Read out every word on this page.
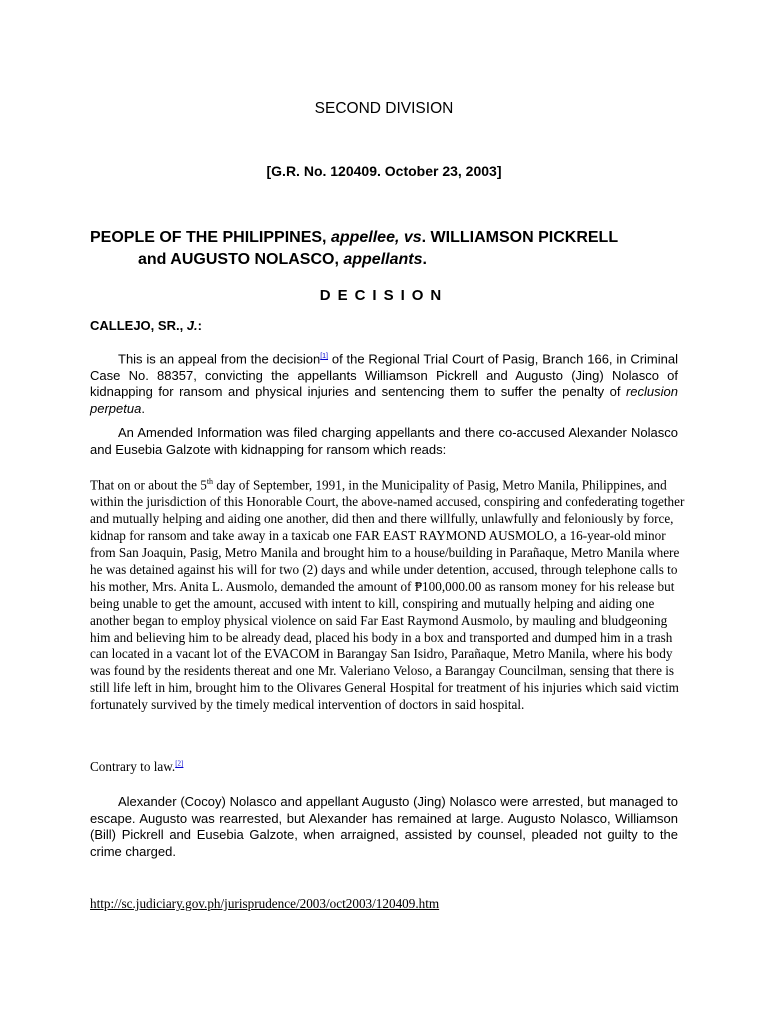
SECOND DIVISION
[G.R. No. 120409. October 23, 2003]
PEOPLE OF THE PHILIPPINES, appellee, vs. WILLIAMSON PICKRELL
and AUGUSTO NOLASCO, appellants.
DECISION
CALLEJO, SR., J.:
This is an appeal from the decision[1] of the Regional Trial Court of Pasig, Branch 166, in Criminal Case No. 88357, convicting the appellants Williamson Pickrell and Augusto (Jing) Nolasco of kidnapping for ransom and physical injuries and sentencing them to suffer the penalty of reclusion perpetua.
An Amended Information was filed charging appellants and there co-accused Alexander Nolasco and Eusebia Galzote with kidnapping for ransom which reads:
That on or about the 5th day of September, 1991, in the Municipality of Pasig, Metro Manila, Philippines, and within the jurisdiction of this Honorable Court, the above-named accused, conspiring and confederating together and mutually helping and aiding one another, did then and there willfully, unlawfully and feloniously by force, kidnap for ransom and take away in a taxicab one FAR EAST RAYMOND AUSMOLO, a 16-year-old minor from San Joaquin, Pasig, Metro Manila and brought him to a house/building in Parañaque, Metro Manila where he was detained against his will for two (2) days and while under detention, accused, through telephone calls to his mother, Mrs. Anita L. Ausmolo, demanded the amount of ₱100,000.00 as ransom money for his release but being unable to get the amount, accused with intent to kill, conspiring and mutually helping and aiding one another began to employ physical violence on said Far East Raymond Ausmolo, by mauling and bludgeoning him and believing him to be already dead, placed his body in a box and transported and dumped him in a trash can located in a vacant lot of the EVACOM in Barangay San Isidro, Parañaque, Metro Manila, where his body was found by the residents thereat and one Mr. Valeriano Veloso, a Barangay Councilman, sensing that there is still life left in him, brought him to the Olivares General Hospital for treatment of his injuries which said victim fortunately survived by the timely medical intervention of doctors in said hospital.
Contrary to law.[2]
Alexander (Cocoy) Nolasco and appellant Augusto (Jing) Nolasco were arrested, but managed to escape. Augusto was rearrested, but Alexander has remained at large. Augusto Nolasco, Williamson (Bill) Pickrell and Eusebia Galzote, when arraigned, assisted by counsel, pleaded not guilty to the crime charged.
http://sc.judiciary.gov.ph/jurisprudence/2003/oct2003/120409.htm
